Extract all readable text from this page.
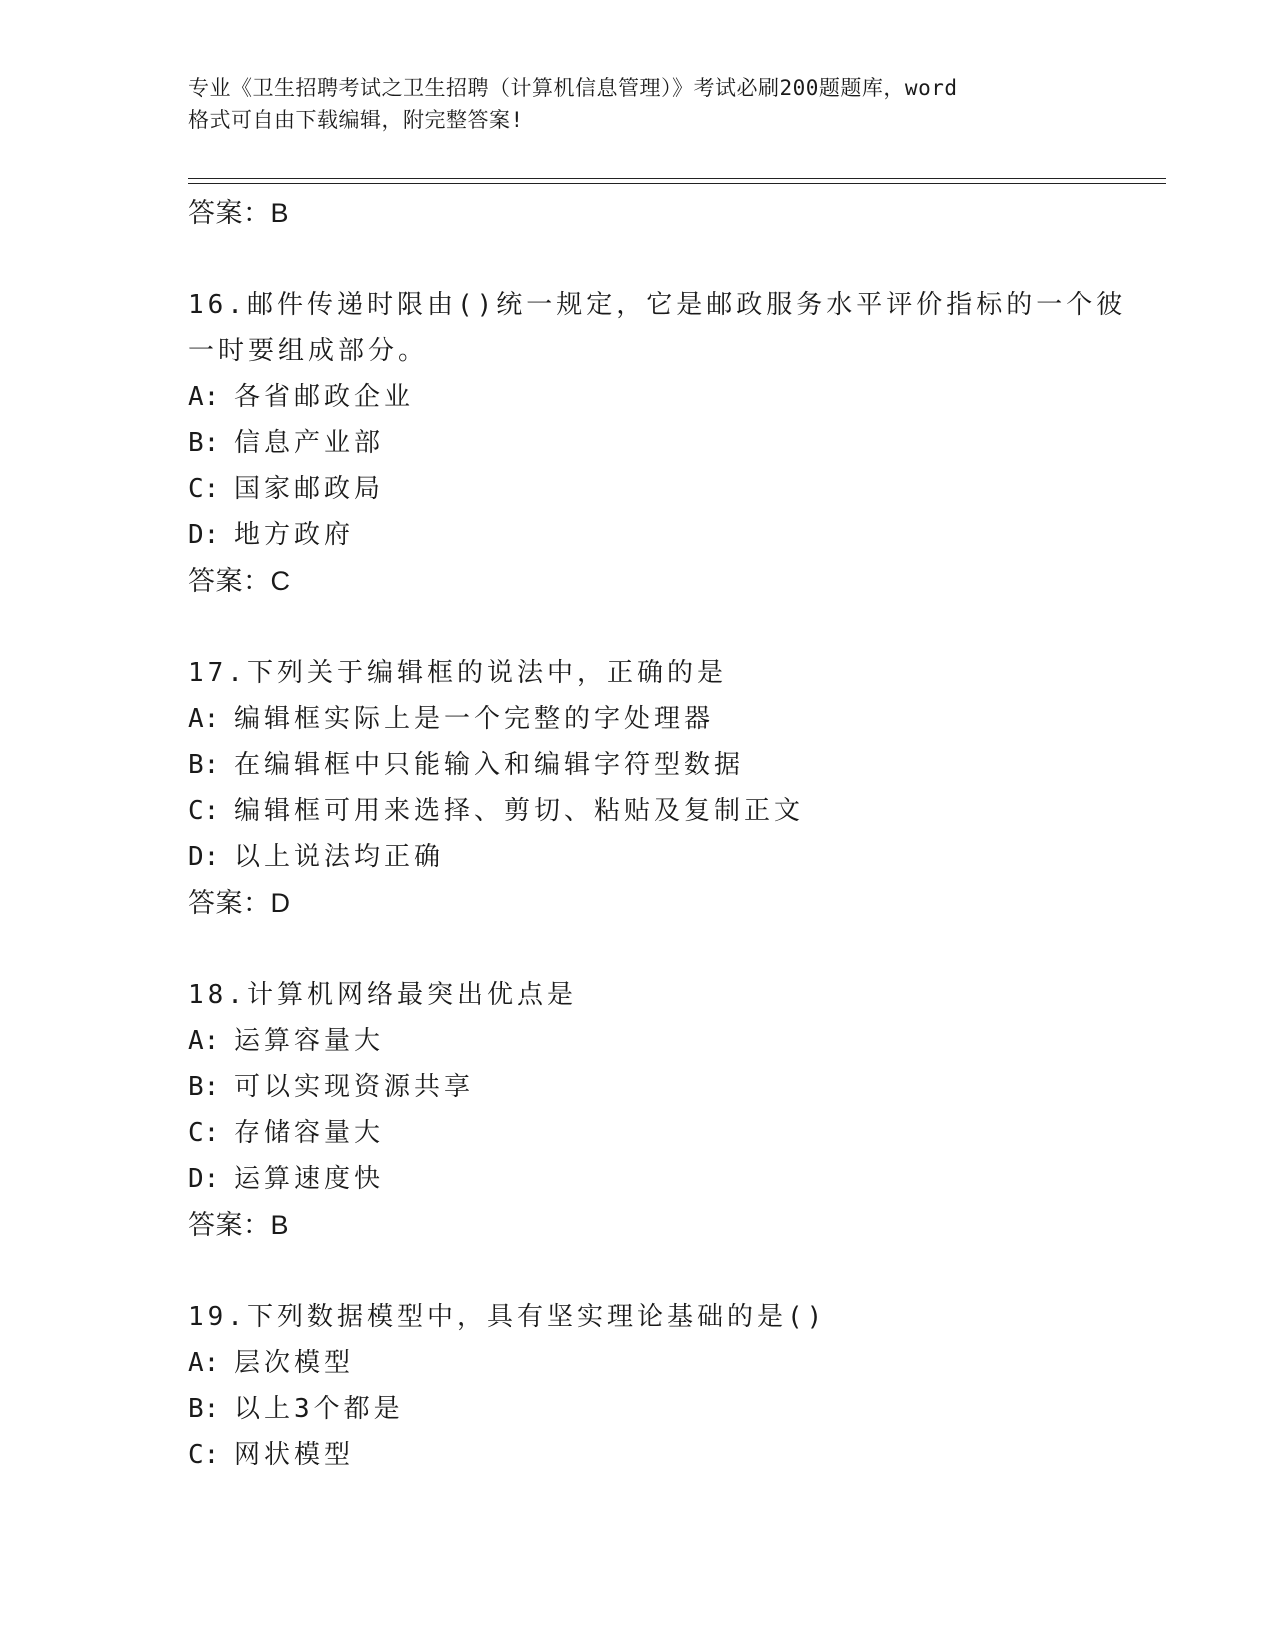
专业《卫生招聘考试之卫生招聘（计算机信息管理）》考试必刷200题题库，word
格式可自由下载编辑，附完整答案!
答案：B
16.邮件传递时限由()统一规定，它是邮政服务水平评价指标的一个彼
一时要组成部分。
A: 各省邮政企业
B: 信息产业部
C: 国家邮政局
D: 地方政府
答案：C
17.下列关于编辑框的说法中，正确的是
A: 编辑框实际上是一个完整的字处理器
B: 在编辑框中只能输入和编辑字符型数据
C: 编辑框可用来选择、剪切、粘贴及复制正文
D: 以上说法均正确
答案：D
18.计算机网络最突出优点是
A: 运算容量大
B: 可以实现资源共享
C: 存储容量大
D: 运算速度快
答案：B
19.下列数据模型中，具有坚实理论基础的是()
A: 层次模型
B: 以上3个都是
C: 网状模型
